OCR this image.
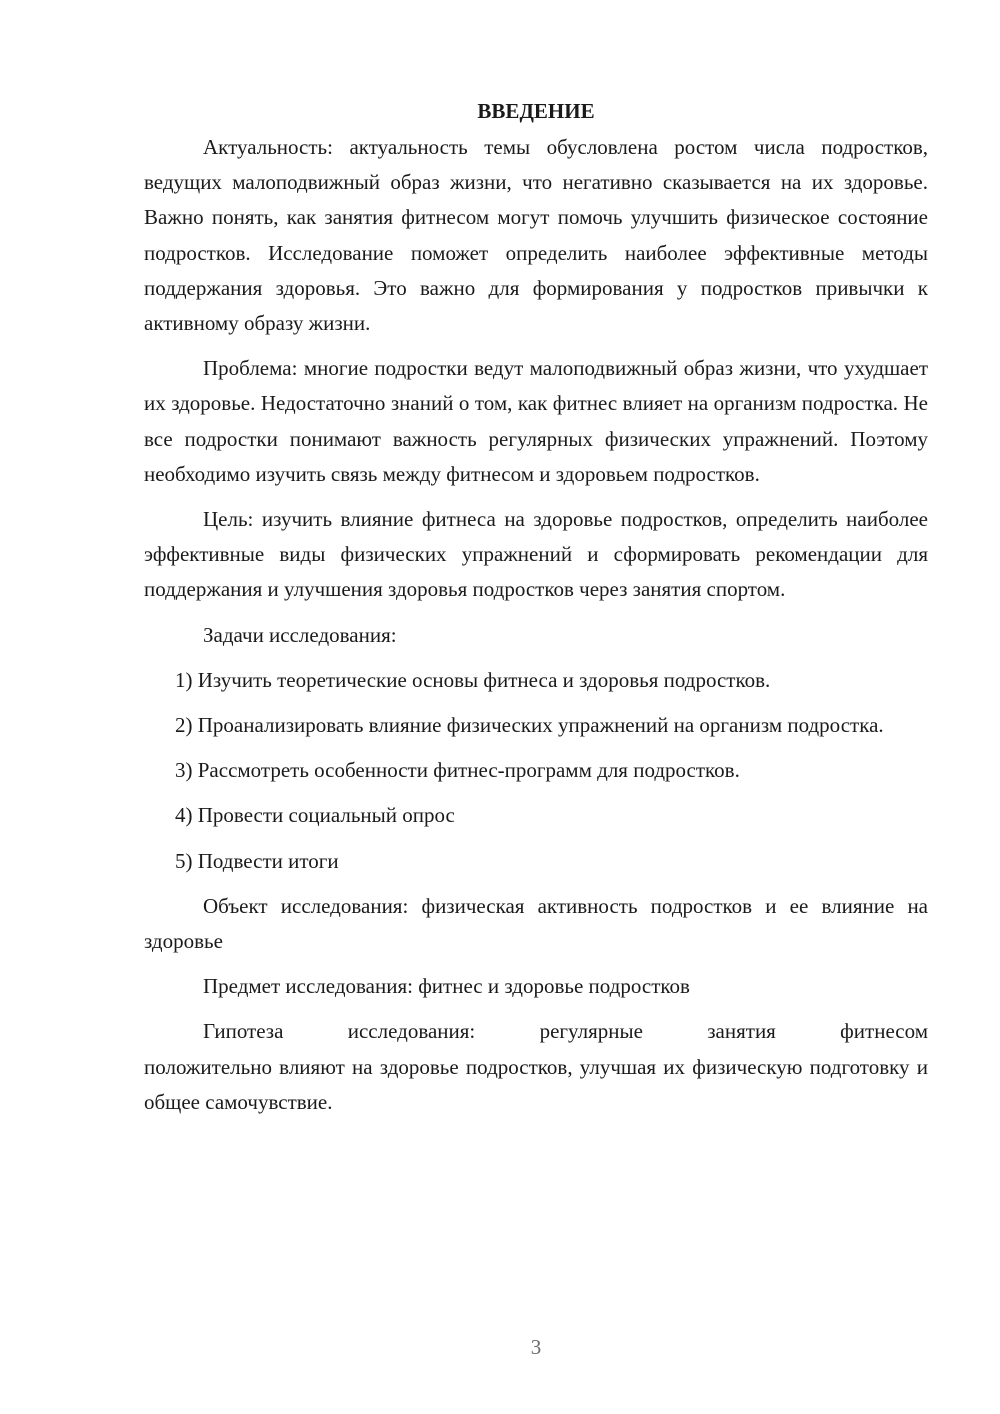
ВВЕДЕНИЕ

Актуальность: актуальность темы обусловлена ростом числа подростков, ведущих малоподвижный образ жизни, что негативно сказывается на их здоровье. Важно понять, как занятия фитнесом могут помочь улучшить физическое состояние подростков. Исследование поможет определить наиболее эффективные методы поддержания здоровья. Это важно для формирования у подростков привычки к активному образу жизни.

Проблема: многие подростки ведут малоподвижный образ жизни, что ухудшает их здоровье. Недостаточно знаний о том, как фитнес влияет на организм подростка. Не все подростки понимают важность регулярных физических упражнений. Поэтому необходимо изучить связь между фитнесом и здоровьем подростков.

Цель: изучить влияние фитнеса на здоровье подростков, определить наиболее эффективные виды физических упражнений и сформировать рекомендации для поддержания и улучшения здоровья подростков через занятия спортом.

Задачи исследования:

1) Изучить теоретические основы фитнеса и здоровья подростков.

2) Проанализировать влияние физических упражнений на организм подростка.

3) Рассмотреть особенности фитнес-программ для подростков.

4) Провести социальный опрос

5) Подвести итоги

Объект исследования: физическая активность подростков и ее влияние на здоровье

Предмет исследования: фитнес и здоровье подростков

Гипотеза исследования: регулярные занятия фитнесом

положительно влияют на здоровье подростков, улучшая их физическую подготовку и общее самочувствие.

3
